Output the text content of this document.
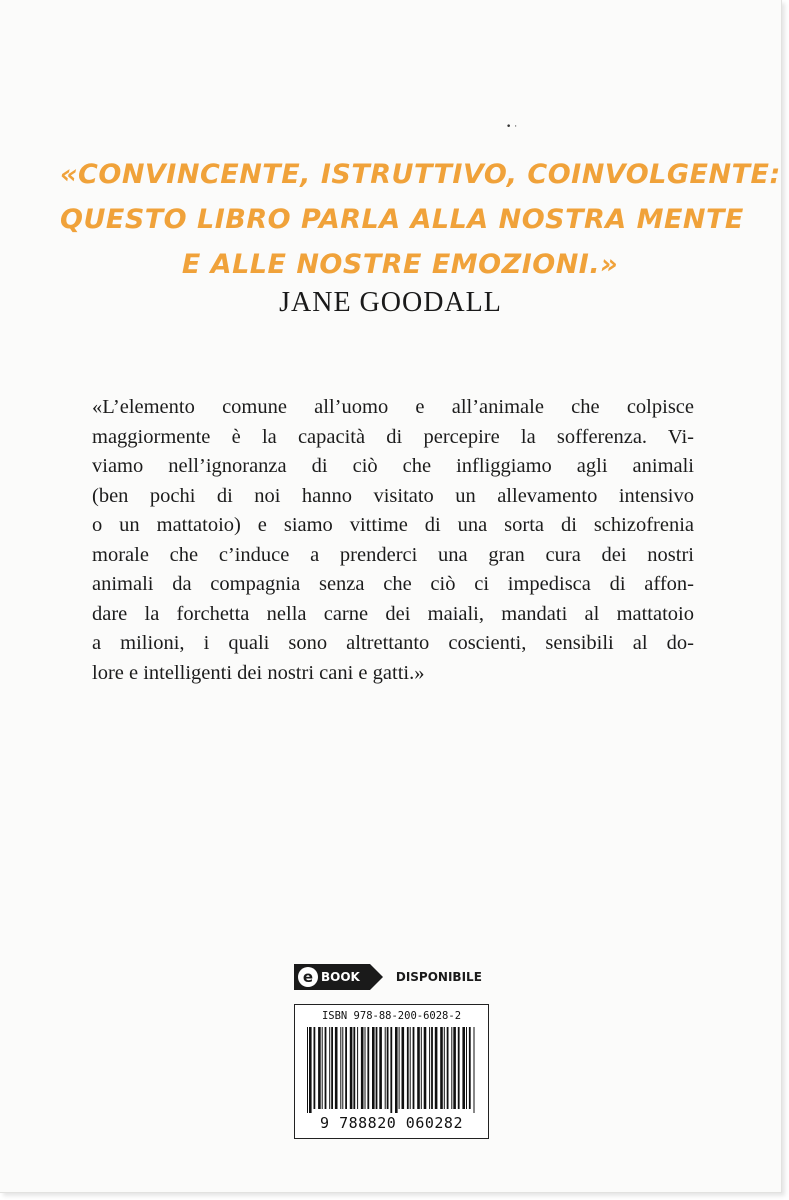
•·
«CONVINCENTE, ISTRUTTIVO, COINVOLGENTE:
QUESTO LIBRO PARLA ALLA NOSTRA MENTE
E ALLE NOSTRE EMOZIONI.»
JANE GOODALL
«L’elemento comune all’uomo e all’animale che colpisce
maggiormente è la capacità di percepire la sofferenza. Vi-
viamo nell’ignoranza di ciò che infliggiamo agli animali
(ben pochi di noi hanno visitato un allevamento intensivo
o un mattatoio) e siamo vittime di una sorta di schizofrenia
morale che c’induce a prenderci una gran cura dei nostri
animali da compagnia senza che ciò ci impedisca di affon-
dare la forchetta nella carne dei maiali, mandati al mattatoio
a milioni, i quali sono altrettanto coscienti, sensibili al do-
lore e intelligenti dei nostri cani e gatti.»
e BOOK	DISPONIBILE
ISBN 978-88-200-6028-2
9 788820 060282
